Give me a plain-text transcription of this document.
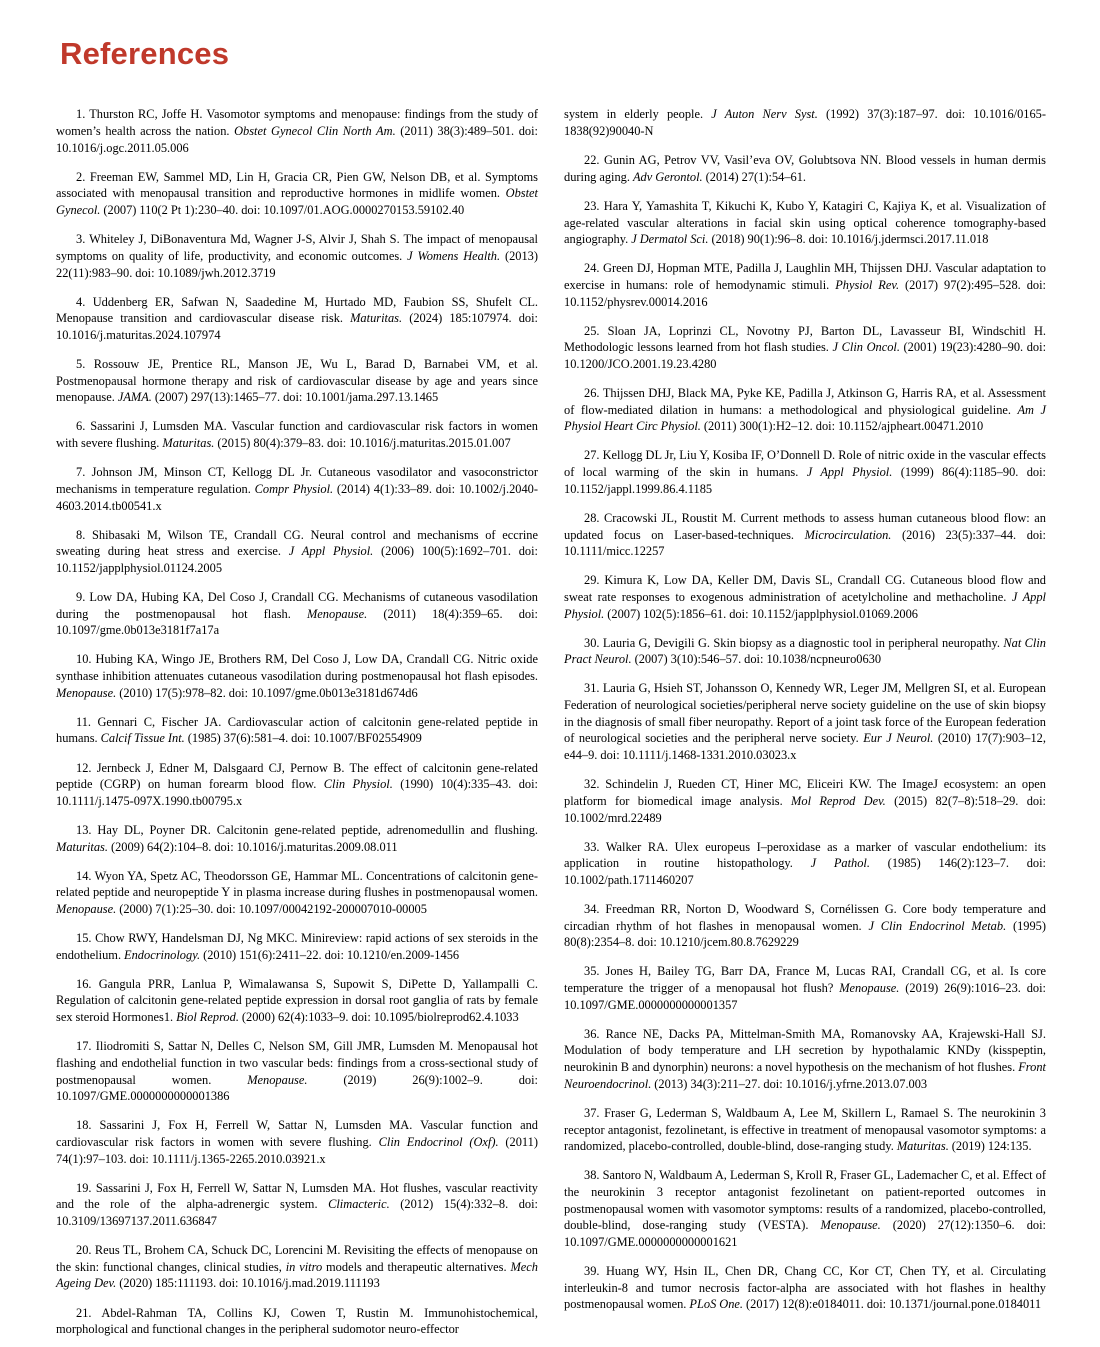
References

1. Thurston RC, Joffe H. Vasomotor symptoms and menopause: findings from the study of women’s health across the nation. Obstet Gynecol Clin North Am. (2011) 38(3):489–501. doi: 10.1016/j.ogc.2011.05.006

2. Freeman EW, Sammel MD, Lin H, Gracia CR, Pien GW, Nelson DB, et al. Symptoms associated with menopausal transition and reproductive hormones in midlife women. Obstet Gynecol. (2007) 110(2 Pt 1):230–40. doi: 10.1097/01.AOG.0000270153.59102.40

3. Whiteley J, DiBonaventura Md, Wagner J-S, Alvir J, Shah S. The impact of menopausal symptoms on quality of life, productivity, and economic outcomes. J Womens Health. (2013) 22(11):983–90. doi: 10.1089/jwh.2012.3719

4. Uddenberg ER, Safwan N, Saadedine M, Hurtado MD, Faubion SS, Shufelt CL. Menopause transition and cardiovascular disease risk. Maturitas. (2024) 185:107974. doi: 10.1016/j.maturitas.2024.107974

5. Rossouw JE, Prentice RL, Manson JE, Wu L, Barad D, Barnabei VM, et al. Postmenopausal hormone therapy and risk of cardiovascular disease by age and years since menopause. JAMA. (2007) 297(13):1465–77. doi: 10.1001/jama.297.13.1465

6. Sassarini J, Lumsden MA. Vascular function and cardiovascular risk factors in women with severe flushing. Maturitas. (2015) 80(4):379–83. doi: 10.1016/j.maturitas.2015.01.007

7. Johnson JM, Minson CT, Kellogg DL Jr. Cutaneous vasodilator and vasoconstrictor mechanisms in temperature regulation. Compr Physiol. (2014) 4(1):33–89. doi: 10.1002/j.2040-4603.2014.tb00541.x

8. Shibasaki M, Wilson TE, Crandall CG. Neural control and mechanisms of eccrine sweating during heat stress and exercise. J Appl Physiol. (2006) 100(5):1692–701. doi: 10.1152/japplphysiol.01124.2005

9. Low DA, Hubing KA, Del Coso J, Crandall CG. Mechanisms of cutaneous vasodilation during the postmenopausal hot flash. Menopause. (2011) 18(4):359–65. doi: 10.1097/gme.0b013e3181f7a17a

10. Hubing KA, Wingo JE, Brothers RM, Del Coso J, Low DA, Crandall CG. Nitric oxide synthase inhibition attenuates cutaneous vasodilation during postmenopausal hot flash episodes. Menopause. (2010) 17(5):978–82. doi: 10.1097/gme.0b013e3181d674d6

11. Gennari C, Fischer JA. Cardiovascular action of calcitonin gene-related peptide in humans. Calcif Tissue Int. (1985) 37(6):581–4. doi: 10.1007/BF02554909

12. Jernbeck J, Edner M, Dalsgaard CJ, Pernow B. The effect of calcitonin gene-related peptide (CGRP) on human forearm blood flow. Clin Physiol. (1990) 10(4):335–43. doi: 10.1111/j.1475-097X.1990.tb00795.x

13. Hay DL, Poyner DR. Calcitonin gene-related peptide, adrenomedullin and flushing. Maturitas. (2009) 64(2):104–8. doi: 10.1016/j.maturitas.2009.08.011

14. Wyon YA, Spetz AC, Theodorsson GE, Hammar ML. Concentrations of calcitonin gene-related peptide and neuropeptide Y in plasma increase during flushes in postmenopausal women. Menopause. (2000) 7(1):25–30. doi: 10.1097/00042192-200007010-00005

15. Chow RWY, Handelsman DJ, Ng MKC. Minireview: rapid actions of sex steroids in the endothelium. Endocrinology. (2010) 151(6):2411–22. doi: 10.1210/en.2009-1456

16. Gangula PRR, Lanlua P, Wimalawansa S, Supowit S, DiPette D, Yallampalli C. Regulation of calcitonin gene-related peptide expression in dorsal root ganglia of rats by female sex steroid Hormones1. Biol Reprod. (2000) 62(4):1033–9. doi: 10.1095/biolreprod62.4.1033

17. Iliodromiti S, Sattar N, Delles C, Nelson SM, Gill JMR, Lumsden M. Menopausal hot flashing and endothelial function in two vascular beds: findings from a cross-sectional study of postmenopausal women. Menopause. (2019) 26(9):1002–9. doi: 10.1097/GME.0000000000001386

18. Sassarini J, Fox H, Ferrell W, Sattar N, Lumsden MA. Vascular function and cardiovascular risk factors in women with severe flushing. Clin Endocrinol (Oxf). (2011) 74(1):97–103. doi: 10.1111/j.1365-2265.2010.03921.x

19. Sassarini J, Fox H, Ferrell W, Sattar N, Lumsden MA. Hot flushes, vascular reactivity and the role of the alpha-adrenergic system. Climacteric. (2012) 15(4):332–8. doi: 10.3109/13697137.2011.636847

20. Reus TL, Brohem CA, Schuck DC, Lorencini M. Revisiting the effects of menopause on the skin: functional changes, clinical studies, in vitro models and therapeutic alternatives. Mech Ageing Dev. (2020) 185:111193. doi: 10.1016/j.mad.2019.111193

21. Abdel-Rahman TA, Collins KJ, Cowen T, Rustin M. Immunohistochemical, morphological and functional changes in the peripheral sudomotor neuro-effector

system in elderly people. J Auton Nerv Syst. (1992) 37(3):187–97. doi: 10.1016/0165-1838(92)90040-N

22. Gunin AG, Petrov VV, Vasil’eva OV, Golubtsova NN. Blood vessels in human dermis during aging. Adv Gerontol. (2014) 27(1):54–61.

23. Hara Y, Yamashita T, Kikuchi K, Kubo Y, Katagiri C, Kajiya K, et al. Visualization of age-related vascular alterations in facial skin using optical coherence tomography-based angiography. J Dermatol Sci. (2018) 90(1):96–8. doi: 10.1016/j.jdermsci.2017.11.018

24. Green DJ, Hopman MTE, Padilla J, Laughlin MH, Thijssen DHJ. Vascular adaptation to exercise in humans: role of hemodynamic stimuli. Physiol Rev. (2017) 97(2):495–528. doi: 10.1152/physrev.00014.2016

25. Sloan JA, Loprinzi CL, Novotny PJ, Barton DL, Lavasseur BI, Windschitl H. Methodologic lessons learned from hot flash studies. J Clin Oncol. (2001) 19(23):4280–90. doi: 10.1200/JCO.2001.19.23.4280

26. Thijssen DHJ, Black MA, Pyke KE, Padilla J, Atkinson G, Harris RA, et al. Assessment of flow-mediated dilation in humans: a methodological and physiological guideline. Am J Physiol Heart Circ Physiol. (2011) 300(1):H2–12. doi: 10.1152/ajpheart.00471.2010

27. Kellogg DL Jr, Liu Y, Kosiba IF, O’Donnell D. Role of nitric oxide in the vascular effects of local warming of the skin in humans. J Appl Physiol. (1999) 86(4):1185–90. doi: 10.1152/jappl.1999.86.4.1185

28. Cracowski JL, Roustit M. Current methods to assess human cutaneous blood flow: an updated focus on Laser-based-techniques. Microcirculation. (2016) 23(5):337–44. doi: 10.1111/micc.12257

29. Kimura K, Low DA, Keller DM, Davis SL, Crandall CG. Cutaneous blood flow and sweat rate responses to exogenous administration of acetylcholine and methacholine. J Appl Physiol. (2007) 102(5):1856–61. doi: 10.1152/japplphysiol.01069.2006

30. Lauria G, Devigili G. Skin biopsy as a diagnostic tool in peripheral neuropathy. Nat Clin Pract Neurol. (2007) 3(10):546–57. doi: 10.1038/ncpneuro0630

31. Lauria G, Hsieh ST, Johansson O, Kennedy WR, Leger JM, Mellgren SI, et al. European Federation of neurological societies/peripheral nerve society guideline on the use of skin biopsy in the diagnosis of small fiber neuropathy. Report of a joint task force of the European federation of neurological societies and the peripheral nerve society. Eur J Neurol. (2010) 17(7):903–12, e44–9. doi: 10.1111/j.1468-1331.2010.03023.x

32. Schindelin J, Rueden CT, Hiner MC, Eliceiri KW. The ImageJ ecosystem: an open platform for biomedical image analysis. Mol Reprod Dev. (2015) 82(7–8):518–29. doi: 10.1002/mrd.22489

33. Walker RA. Ulex europeus I–peroxidase as a marker of vascular endothelium: its application in routine histopathology. J Pathol. (1985) 146(2):123–7. doi: 10.1002/path.1711460207

34. Freedman RR, Norton D, Woodward S, Cornélissen G. Core body temperature and circadian rhythm of hot flashes in menopausal women. J Clin Endocrinol Metab. (1995) 80(8):2354–8. doi: 10.1210/jcem.80.8.7629229

35. Jones H, Bailey TG, Barr DA, France M, Lucas RAI, Crandall CG, et al. Is core temperature the trigger of a menopausal hot flush? Menopause. (2019) 26(9):1016–23. doi: 10.1097/GME.0000000000001357

36. Rance NE, Dacks PA, Mittelman-Smith MA, Romanovsky AA, Krajewski-Hall SJ. Modulation of body temperature and LH secretion by hypothalamic KNDy (kisspeptin, neurokinin B and dynorphin) neurons: a novel hypothesis on the mechanism of hot flushes. Front Neuroendocrinol. (2013) 34(3):211–27. doi: 10.1016/j.yfrne.2013.07.003

37. Fraser G, Lederman S, Waldbaum A, Lee M, Skillern L, Ramael S. The neurokinin 3 receptor antagonist, fezolinetant, is effective in treatment of menopausal vasomotor symptoms: a randomized, placebo-controlled, double-blind, dose-ranging study. Maturitas. (2019) 124:135.

38. Santoro N, Waldbaum A, Lederman S, Kroll R, Fraser GL, Lademacher C, et al. Effect of the neurokinin 3 receptor antagonist fezolinetant on patient-reported outcomes in postmenopausal women with vasomotor symptoms: results of a randomized, placebo-controlled, double-blind, dose-ranging study (VESTA). Menopause. (2020) 27(12):1350–6. doi: 10.1097/GME.0000000000001621

39. Huang WY, Hsin IL, Chen DR, Chang CC, Kor CT, Chen TY, et al. Circulating interleukin-8 and tumor necrosis factor-alpha are associated with hot flashes in healthy postmenopausal women. PLoS One. (2017) 12(8):e0184011. doi: 10.1371/journal.pone.0184011
